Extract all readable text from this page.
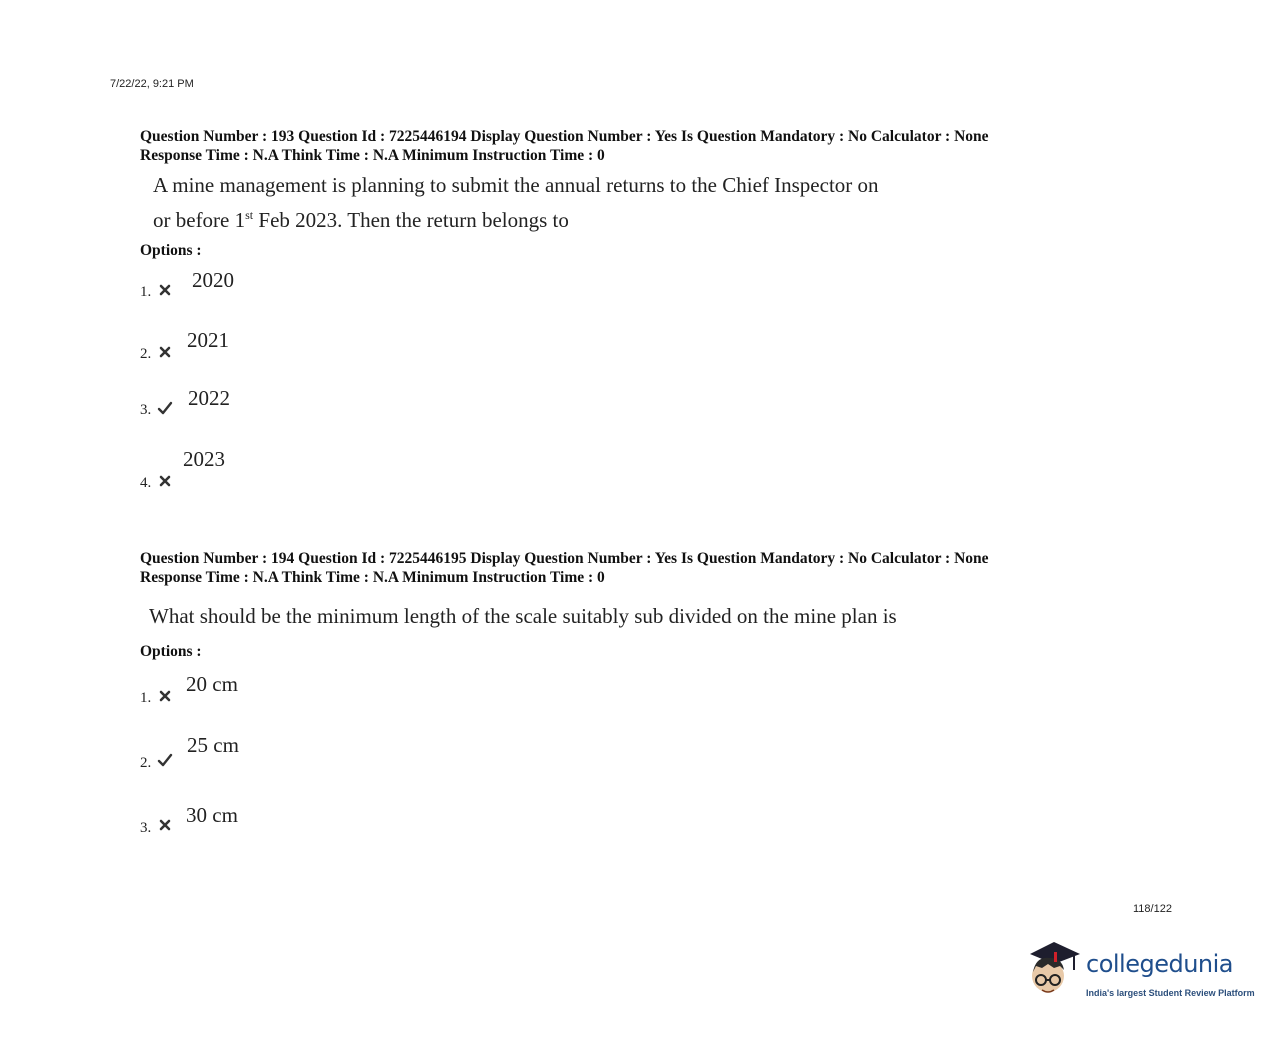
7/22/22, 9:21 PM
Question Number : 193 Question Id : 7225446194 Display Question Number : Yes Is Question Mandatory : No Calculator : None
Response Time : N.A Think Time : N.A Minimum Instruction Time : 0
A mine management is planning to submit the annual returns to the Chief Inspector on
or before 1st Feb 2023. Then the return belongs to
Options :
1. 2020
2.
2021
3. 2022
4.
2023
Question Number : 194 Question Id : 7225446195 Display Question Number : Yes Is Question Mandatory : No Calculator : None
Response Time : N.A Think Time : N.A Minimum Instruction Time : 0
What should be the minimum length of the scale suitably sub divided on the mine plan is
Options :
1.
20 cm
2.
25 cm
3.
30 cm
118/122
collegedunia
India's largest Student Review Platform
